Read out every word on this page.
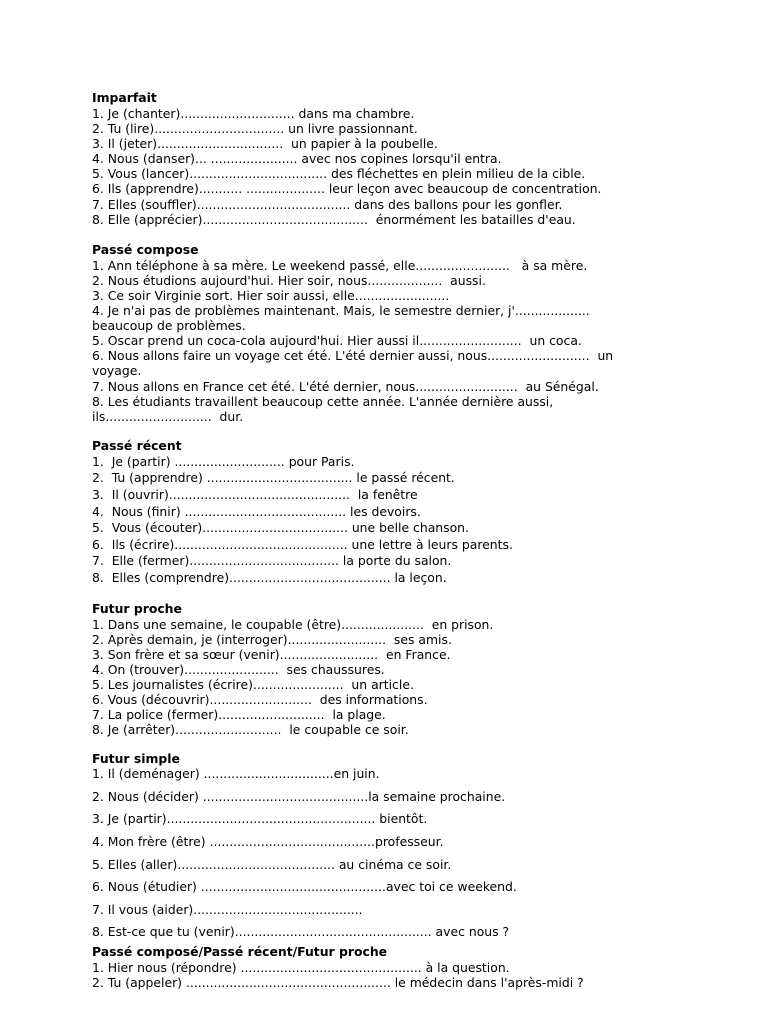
Imparfait
1. Je (chanter)............................. dans ma chambre.
2. Tu (lire)................................. un livre passionnant.
3. Il (jeter)................................  un papier à la poubelle.
4. Nous (danser)... ...................... avec nos copines lorsqu'il entra.
5. Vous (lancer)................................... des fléchettes en plein milieu de la cible.
6. Ils (apprendre)........... .................... leur leçon avec beaucoup de concentration.
7. Elles (souffler)....................................... dans des ballons pour les gonfler.
8. Elle (apprécier)..........................................  énormément les batailles d'eau.
Passé compose
1. Ann téléphone à sa mère. Le weekend passé, elle........................   à sa mère.
2. Nous étudions aujourd'hui. Hier soir, nous...................  aussi.
3. Ce soir Virginie sort. Hier soir aussi, elle........................
4. Je n'ai pas de problèmes maintenant. Mais, le semestre dernier, j'................... beaucoup de problèmes.
5. Oscar prend un coca-cola aujourd'hui. Hier aussi il..........................  un coca.
6. Nous allons faire un voyage cet été. L'été dernier aussi, nous..........................  un voyage.
7. Nous allons en France cet été. L'été dernier, nous..........................  au Sénégal.
8. Les étudiants travaillent beaucoup cette année. L'année dernière aussi, ils...........................  dur.
Passé récent
1.  Je (partir) ............................ pour Paris.
2.  Tu (apprendre) ..................................... le passé récent.
3.  Il (ouvrir)..............................................  la fenêtre
4.  Nous (finir) ......................................... les devoirs.
5.  Vous (écouter)..................................... une belle chanson.
6.  Ils (écrire)............................................ une lettre à leurs parents.
7.  Elle (fermer)...................................... la porte du salon.
8.  Elles (comprendre)......................................... la leçon.
Futur proche
1. Dans une semaine, le coupable (être).....................  en prison.
2. Après demain, je (interroger).........................  ses amis.
3. Son frère et sa sœur (venir).........................  en France.
4. On (trouver)........................  ses chaussures.
5. Les journalistes (écrire).......................  un article.
6. Vous (découvrir)..........................  des informations.
7. La police (fermer)...........................  la plage.
8. Je (arrêter)...........................  le coupable ce soir.
Futur simple
1. Il (deménager) .................................en juin.
2. Nous (décider) ..........................................la semaine prochaine.
3. Je (partir)..................................................... bientôt.
4. Mon frère (être) ..........................................professeur.
5. Elles (aller)........................................ au cinéma ce soir.
6. Nous (étudier) ...............................................avec toi ce weekend.
7. Il vous (aider)...........................................
8. Est-ce que tu (venir).................................................. avec nous ?
Passé composé/Passé récent/Futur proche
1. Hier nous (répondre) .............................................. à la question.
2. Tu (appeler) .................................................... le médecin dans l'après-midi ?
